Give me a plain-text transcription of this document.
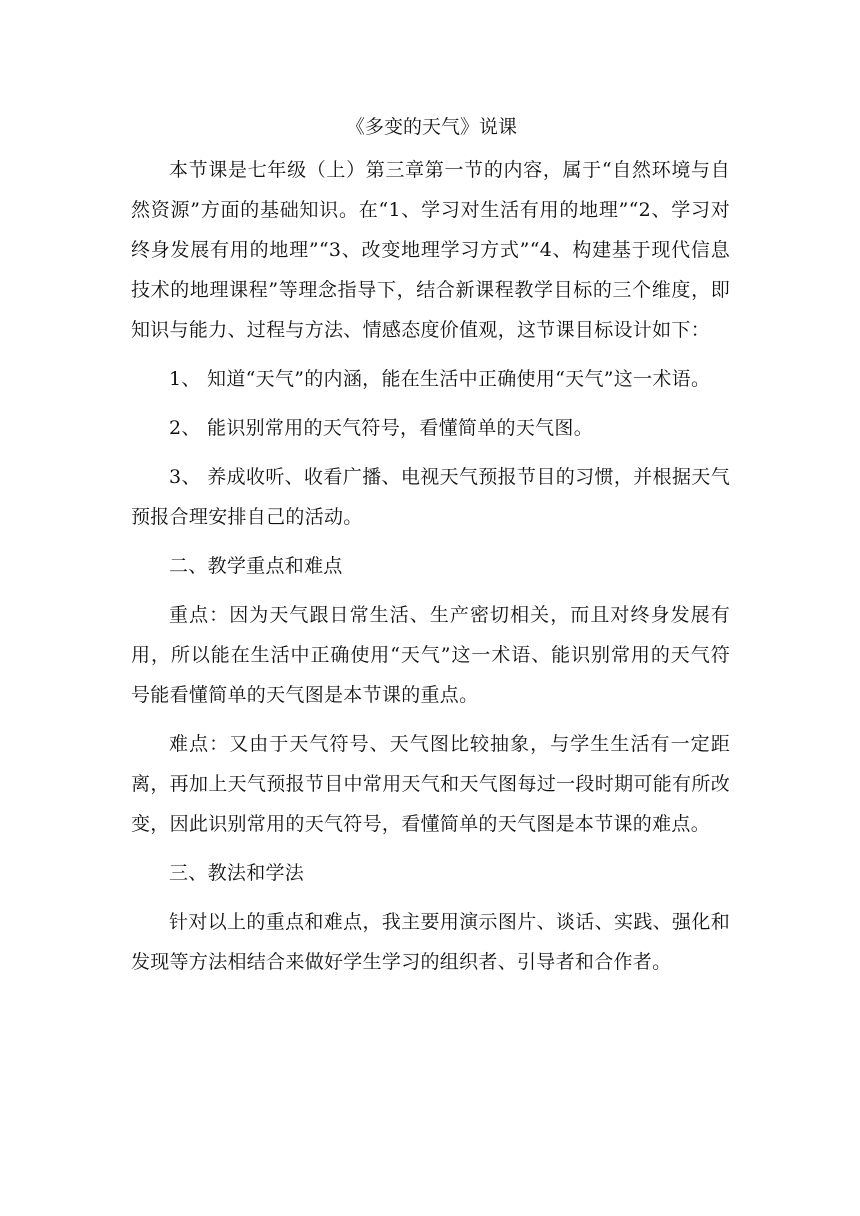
《多变的天气》说课

本节课是七年级（上）第三章第一节的内容，属于“自然环境与自然资源”方面的基础知识。在“1、学习对生活有用的地理”“2、学习对终身发展有用的地理”“3、改变地理学习方式”“4、构建基于现代信息技术的地理课程”等理念指导下，结合新课程教学目标的三个维度，即知识与能力、过程与方法、情感态度价值观，这节课目标设计如下：

1、 知道“天气”的内涵，能在生活中正确使用“天气”这一术语。

2、 能识别常用的天气符号，看懂简单的天气图。

3、 养成收听、收看广播、电视天气预报节目的习惯，并根据天气预报合理安排自己的活动。

二、教学重点和难点

重点：因为天气跟日常生活、生产密切相关，而且对终身发展有用，所以能在生活中正确使用“天气”这一术语、能识别常用的天气符号能看懂简单的天气图是本节课的重点。

难点：又由于天气符号、天气图比较抽象，与学生生活有一定距离，再加上天气预报节目中常用天气和天气图每过一段时期可能有所改变，因此识别常用的天气符号，看懂简单的天气图是本节课的难点。

三、教法和学法

针对以上的重点和难点，我主要用演示图片、谈话、实践、强化和发现等方法相结合来做好学生学习的组织者、引导者和合作者。
